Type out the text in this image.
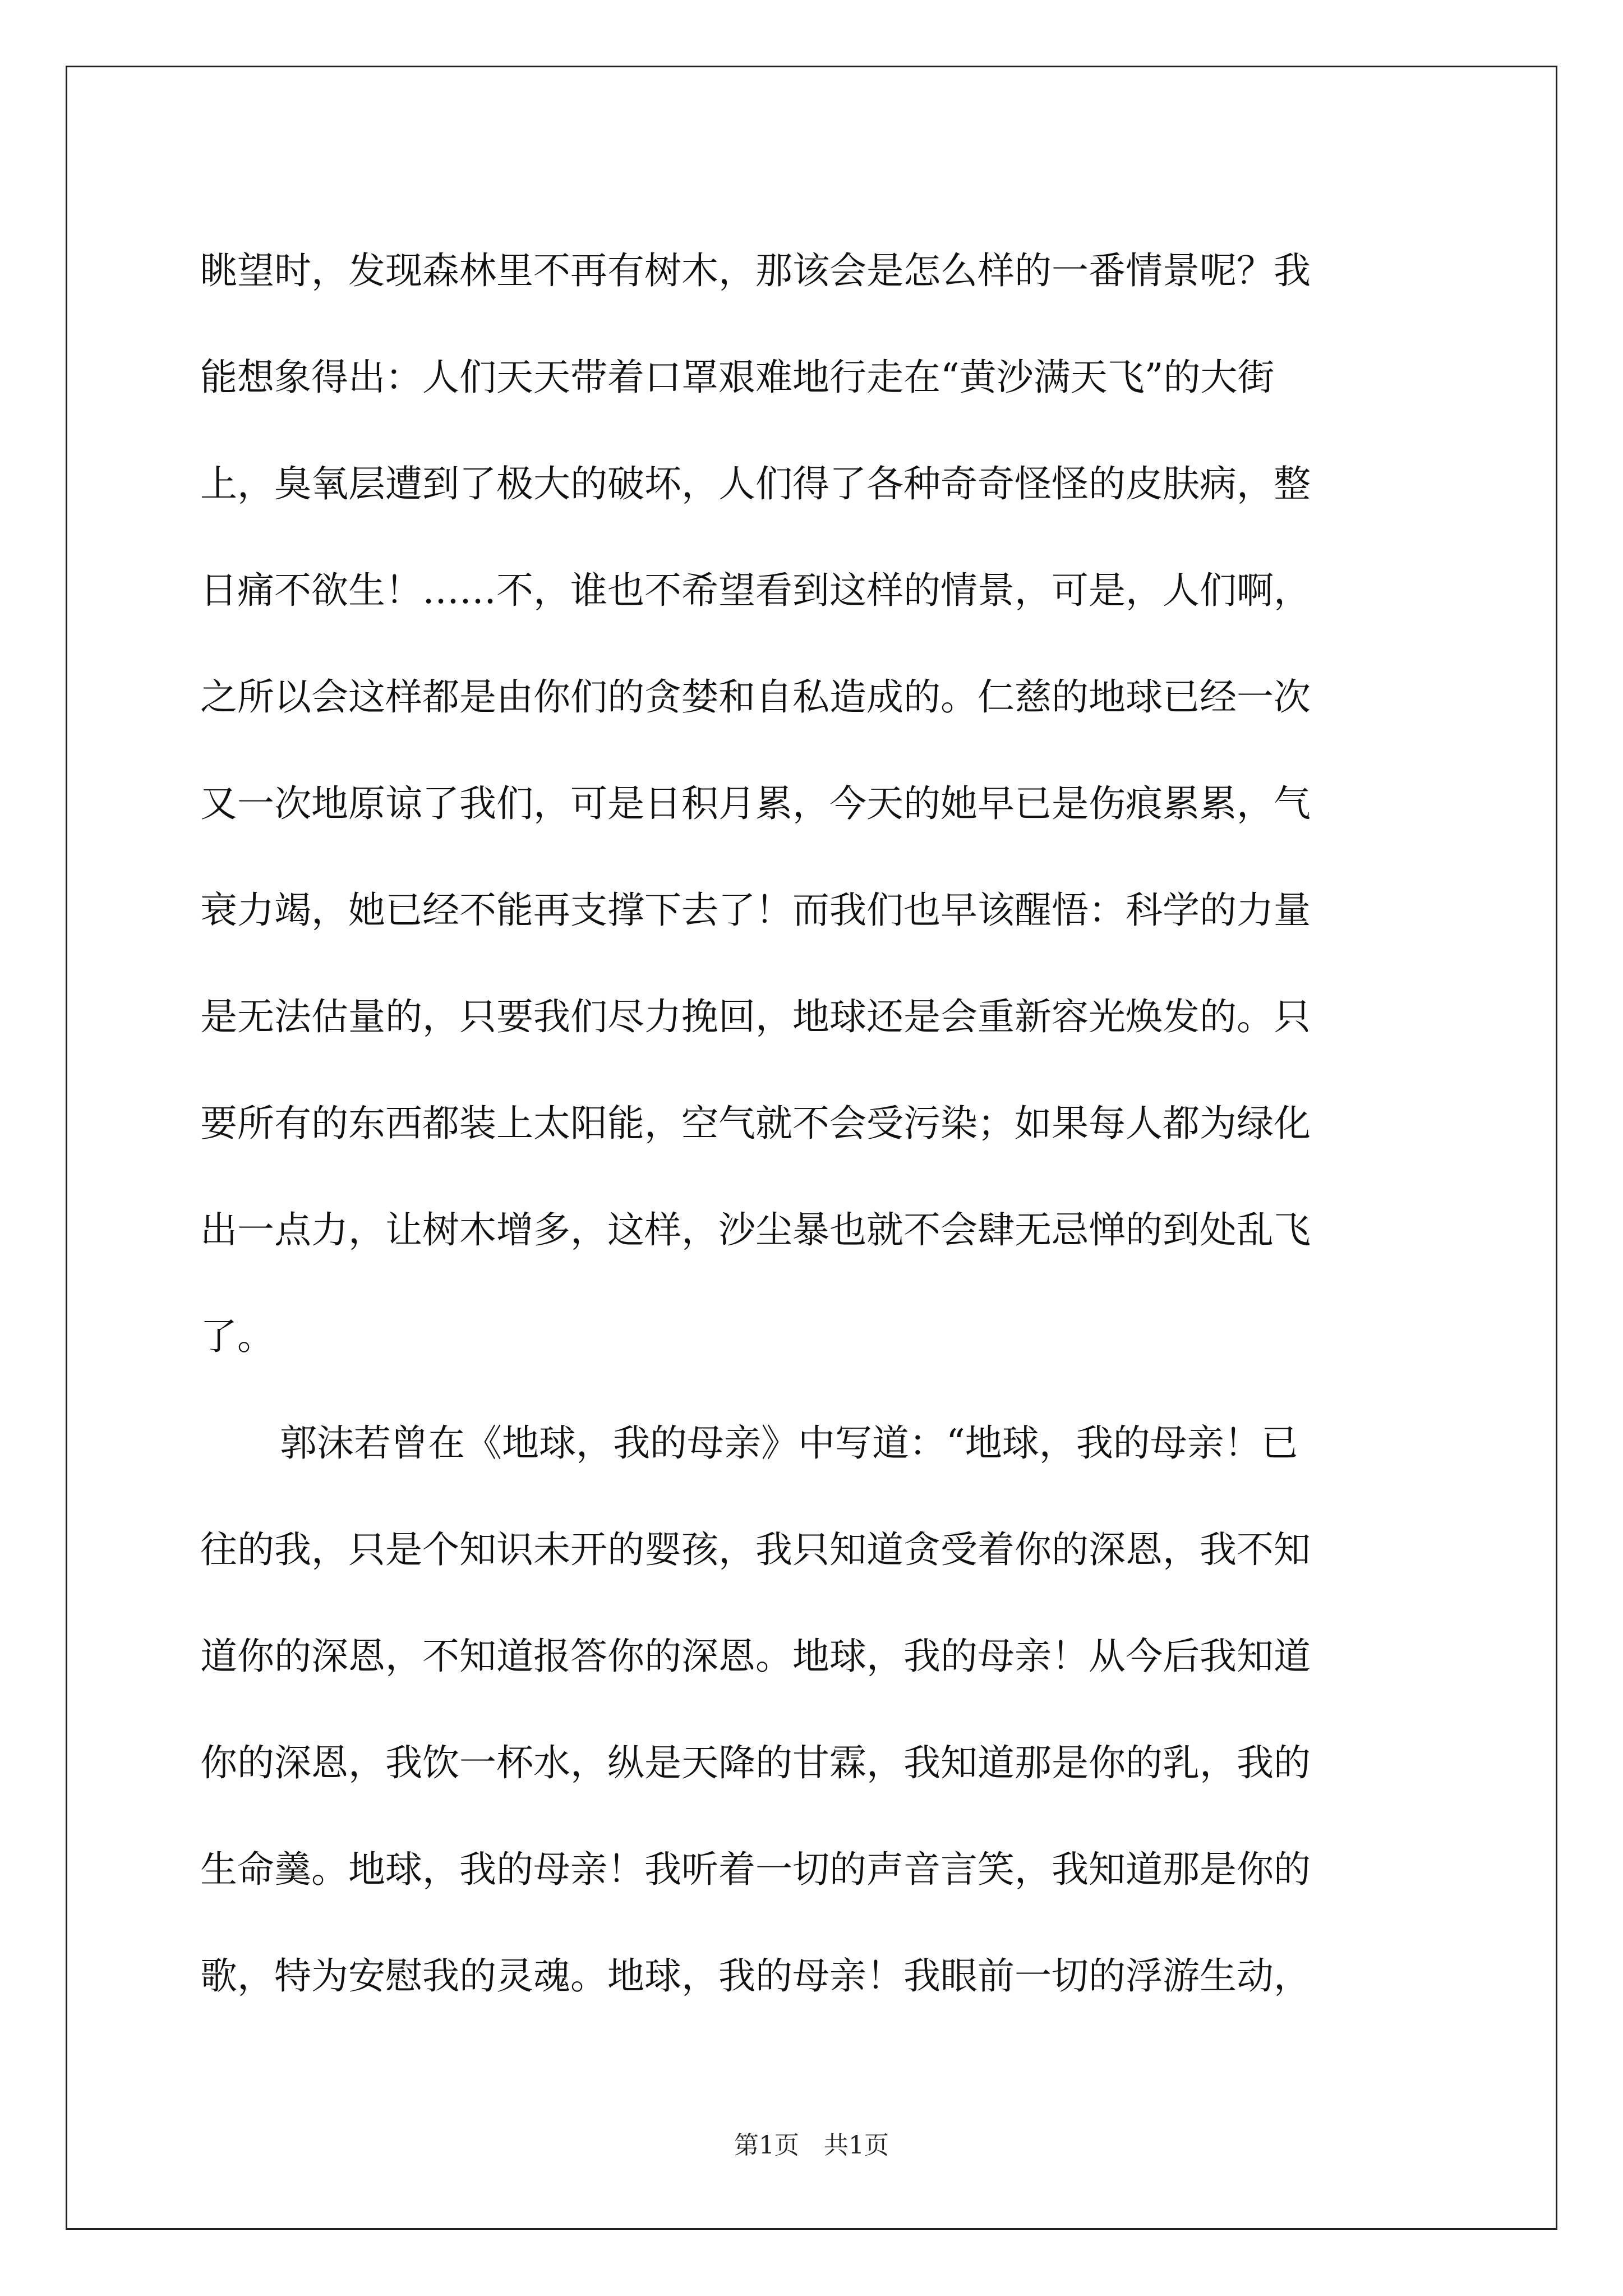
眺望时，发现森林里不再有树木，那该会是怎么样的一番情景呢？我
能想象得出：人们天天带着口罩艰难地行走在“黄沙满天飞”的大街
上，臭氧层遭到了极大的破坏，人们得了各种奇奇怪怪的皮肤病，整
日痛不欲生！……不，谁也不希望看到这样的情景，可是，人们啊，
之所以会这样都是由你们的贪婪和自私造成的。仁慈的地球已经一次
又一次地原谅了我们，可是日积月累，今天的她早已是伤痕累累，气
衰力竭，她已经不能再支撑下去了！而我们也早该醒悟：科学的力量
是无法估量的，只要我们尽力挽回，地球还是会重新容光焕发的。只
要所有的东西都装上太阳能，空气就不会受污染；如果每人都为绿化
出一点力，让树木增多，这样，沙尘暴也就不会肆无忌惮的到处乱飞
了。
郭沫若曾在《地球，我的母亲》中写道：“地球，我的母亲！已
往的我，只是个知识未开的婴孩，我只知道贪受着你的深恩，我不知
道你的深恩，不知道报答你的深恩。地球，我的母亲！从今后我知道
你的深恩，我饮一杯水，纵是天降的甘霖，我知道那是你的乳，我的
生命羹。地球，我的母亲！我听着一切的声音言笑，我知道那是你的
歌，特为安慰我的灵魂。地球，我的母亲！我眼前一切的浮游生动，
第1页　共1页
